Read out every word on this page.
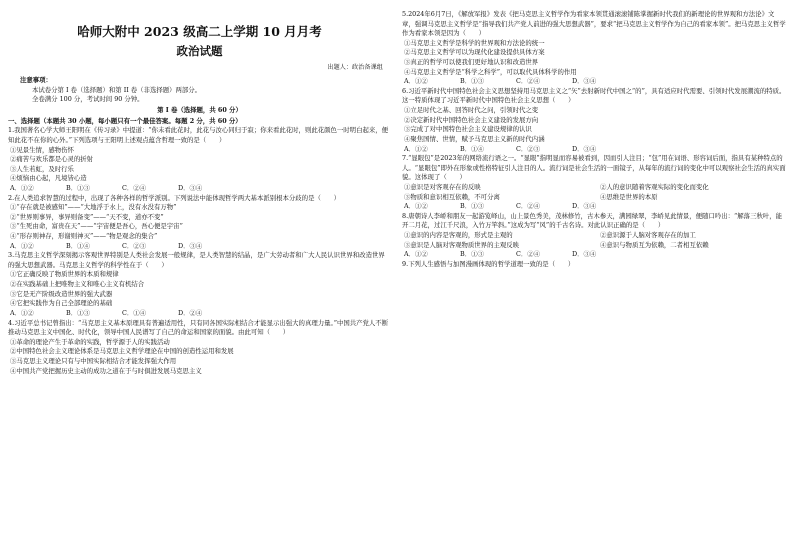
哈师大附中 2023 级高二上学期 10 月月考
政治试题
出题人：政治备课组
注意事项：
本试卷分第 I 卷（选择题）和第 II 卷（非选择题）两部分。
全卷满分 100 分，考试时间 90 分钟。
第 I 卷（选择题，共 60 分）
一、选择题（本题共 30 小题，每小题只有一个最佳答案。每题 2 分，共 60 分）
1.我国著名心学大师王阳明在《传习录》中提道：“你未看此花时，此花与汝心同归于寂；你来看此花时，则此花颜色一时明白起来，便知此花不在你的心外。”下列选项与王阳明上述观点蕴含哲理一致的是（　　）
①见景生情，感物伤怀
②痛苦与欢乐都是心灵的折射
③人生若虹，及时行乐
④烦恼由心起，凡境皆心造
A．①②	B．①③	C．②④	D．③④
2.在人类追求智慧的过程中，出现了各种各样的哲学派别。下列说法中能体现哲学两大基本派别根本分歧的是（　　）
①“存在就是被感知”——“大地浮于水上，没有水没有万物”
②“世界则事异，事异则备变”——“天不变，道亦不变”
③“生死由命，富贵在天”——“宇宙便是吾心，吾心便是宇宙”
④“形存则神存，形谢则神灭”——“物是观念的集合”
A．①②	B．①④	C．②③	D．③④
3.马克思主义哲学深刻揭示客观世界特别是人类社会发展一般规律，是人类智慧的结晶，是广大劳动者和广大人民认识世界和改造世界的强大思想武器。马克思主义哲学的科学性在于（　　）
①它正确反映了物质世界的本质和规律
②在实践基础上把唯物主义和唯心主义有机结合
③它是无产阶级改造世界的强大武器
④它把实践作为自己全部理论的基础
A．①②	B．①③	C．①④	D．②④
4.习近平总书记曾指出：“马克思主义基本原理具有普遍适用性，只有同各国实际相结合才能显示出强大的真理力量。”中国共产党人不断推动马克思主义中国化、时代化，领导中国人民谱写了自己的命运和国家的面貌。由此可知（　　）
①革命的理论产生于革命的实践，哲学源于人的实践活动
②中国特色社会主义理论体系是马克思主义哲学理论在中国的创造性运用和发展
③马克思主义理论只有与中国实际相结合才能发挥强大作用
④中国共产党把握历史主动的成功之道在于与时俱进发展马克思主义
5.2024年6月7日，《解放军报》发表《把马克思主义哲学作为看家本领贯通滚滚铺陈掌握新时代我们的新理论的世界观和方法论》文章，强调马克思主义哲学是“指导我们共产党人前进的强大思想武器”，要求“把马克思主义哲学作为自己的看家本领”。把马克思主义哲学作为看家本领是因为（　　）
①马克思主义哲学是科学的世界观和方法论的统一
②马克思主义哲学可以为现代化建设提供具体方案
③真正的哲学可以使我们更好地认识和改造世界
④马克思主义哲学是“科学之科学”，可以取代具体科学的作用
A．①②	B．①③	C．②④	D．③④
6.习近平新时代中国特色社会主义思想坚持用马克思主义之“矢”去射新时代中国之“的”，具有适应时代需要、引领时代发展潮流的特质。这一特质体现了习近平新时代中国特色社会主义思想（　　）
①立足时代之基、回答时代之问，引领时代之变
②决定新时代中国特色社会主义建设的发展方向
③完成了对中国特色社会主义建设规律的认识
④聚焦国情、世情，赋予马克思主义新的时代内涵
A．①②	B．①④	C．②③	D．③④
7.“显眼包”是2023年的网络流行语之一。“显眼”指明显而容易被看到，因而引人注目；“包”用在词语、形容词后面，指具有某种特点的人。“显眼包”即外在形象或性格特征引人注目的人。流行词是社会生活的一面镜子，从每年的流行词的变化中可以观察社会生活的真实面貌。这体现了（　　）
①意识是对客观存在的反映	②人的意识随着客观实际的变化而变化
③物质和意识相互依赖，不可分离	④思维是世界的本原
A．①②	B．①③	C．②④	D．③④
8.唐朝诗人李峤和朋友一起游览峄山，山上景色秀美，茂林修竹，古木参天，满园绿翠，李峤见此情景，便随口吟出：“解落三秋叶，能开二月花，过江千尺浪，入竹万竿斜。”这成为写“风”的千古名诗。对此认识正确的是（　　）
①意识的内容是客观的，形式是主观的	②意识源于人脑对客观存在的加工
③意识是人脑对客观物质世界的主观反映	④意识与物质互为依赖，二者相互依赖
A．①②	B．①③	C．②④	D．③④
9.下列人生感悟与加图漫画体现的哲学道理一致的是（　　）
